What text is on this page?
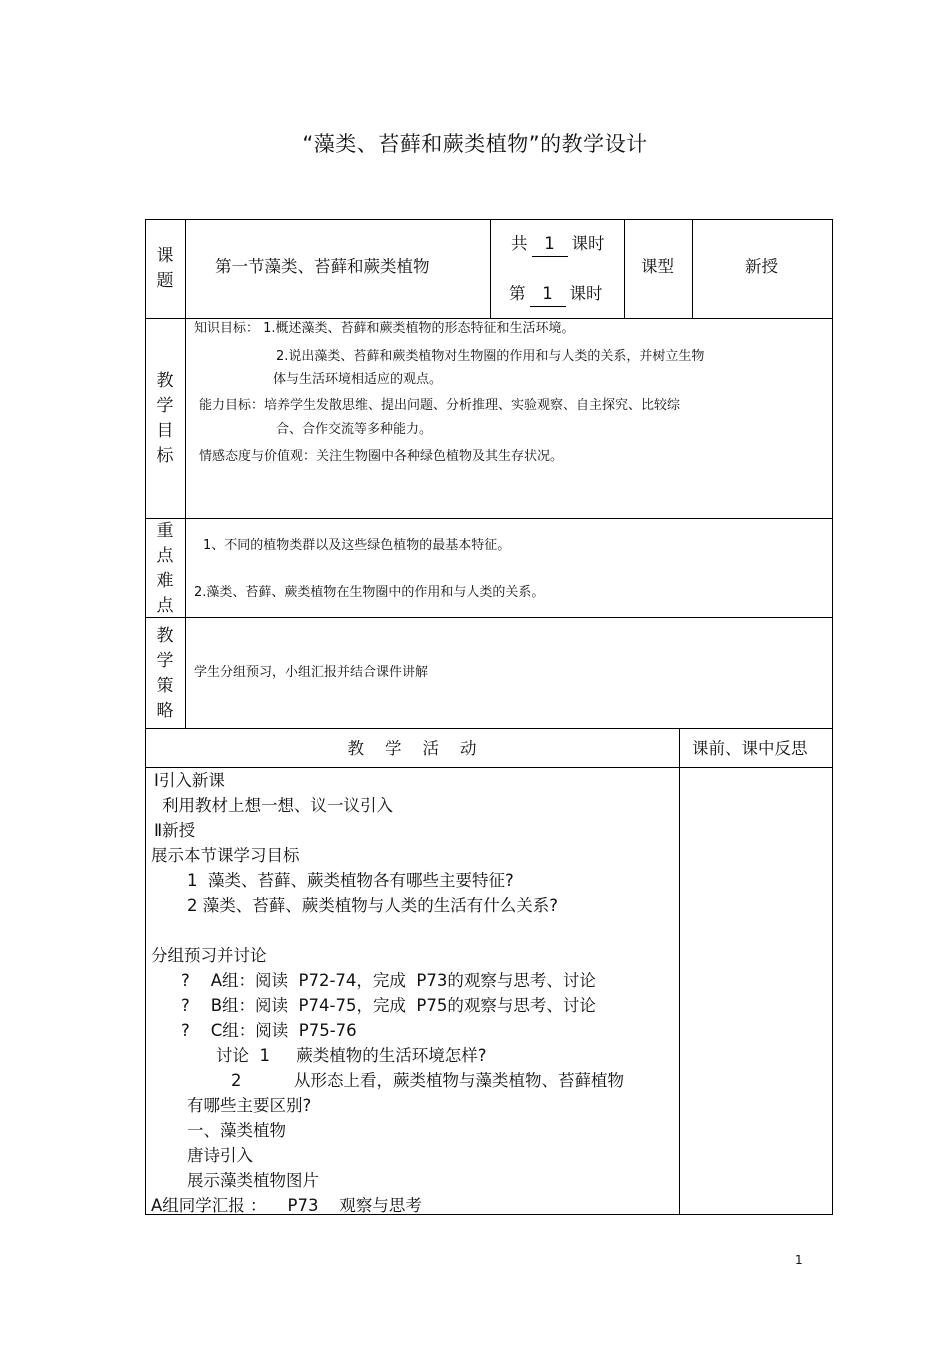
“藻类、苔藓和蕨类植物”的教学设计
课题
第一节藻类、苔藓和蕨类植物
共 1 课时
第 1 课时
课型	新授
教学目标
知识目标： 1.概述藻类、苔藓和蕨类植物的形态特征和生活环境。
2.说出藻类、苔藓和蕨类植物对生物圈的作用和与人类的关系，并树立生物
体与生活环境相适应的观点。
能力目标：培养学生发散思维、提出问题、分析推理、实验观察、自主探究、比较综
合、合作交流等多种能力。
情感态度与价值观：关注生物圈中各种绿色植物及其生存状况。
重点难点
1、不同的植物类群以及这些绿色植物的最基本特征。
2.藻类、苔藓、蕨类植物在生物圈中的作用和与人类的关系。
教学策略
学生分组预习，小组汇报并结合课件讲解
教    学    活    动	课前、课中反思
Ⅰ引入新课
利用教材上想一想、议一议引入
Ⅱ新授
展示本节课学习目标
1  藻类、苔藓、蕨类植物各有哪些主要特征?
2 藻类、苔藓、蕨类植物与人类的生活有什么关系?
分组预习并讨论
?    A组：阅读  P72-74，完成  P73的观察与思考、讨论
?    B组：阅读  P74-75，完成  P75的观察与思考、讨论
?    C组：阅读  P75-76
讨论  1     蕨类植物的生活环境怎样?
2          从形态上看，蕨类植物与藻类植物、苔藓植物
有哪些主要区别?
一、藻类植物
唐诗引入
展示藻类植物图片
A组同学汇报 ：    P73    观察与思考
1
